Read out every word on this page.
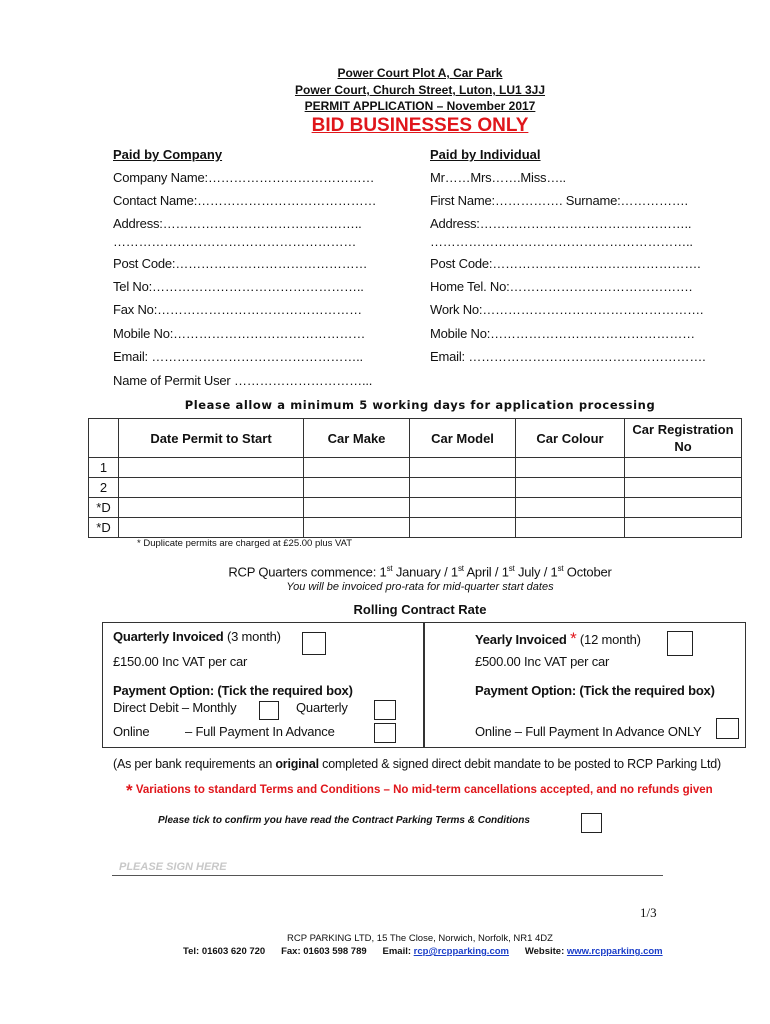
Power Court Plot A, Car Park
Power Court, Church Street, Luton, LU1 3JJ
PERMIT APPLICATION – November 2017
BID BUSINESSES ONLY
Paid by Company
Company Name:…………………………………
Contact Name:……………………………………
Address:………………………………………..
…………………………………………………
Post Code:………………………………………
Tel No:…………………………………………..
Fax No:…………………………………………
Mobile No:………………………………………
Email: …………………………………………..
Name of Permit User …………………………...
Paid by Individual
Mr……Mrs…….Miss…..
First Name:……………. Surname:…………….
Address:…………………………………………..
……………………………………………………..
Post Code:………………………………………….
Home Tel. No:…………………………………….
Work No:…………………………………………….
Mobile No:…………………………………………
Email: ………………………….…………………….
Please allow a minimum 5 working days for application processing
	Date Permit to Start	Car Make	Car Model	Car Colour	Car Registration No
1					
2					
*D					
*D					
* Duplicate permits are charged at £25.00 plus VAT
RCP Quarters commence: 1st January / 1st April / 1st July / 1st October
You will be invoiced pro-rata for mid-quarter start dates
Rolling Contract Rate
Quarterly Invoiced (3 month)
£150.00 Inc VAT per car
Payment Option: (Tick the required box)
Direct Debit – Monthly	Quarterly
Online	– Full Payment In Advance
Yearly Invoiced * (12 month)
£500.00 Inc VAT per car
Payment Option: (Tick the required box)
Online – Full Payment In Advance ONLY
(As per bank requirements an original completed & signed direct debit mandate to be posted to RCP Parking Ltd)
* Variations to standard Terms and Conditions – No mid-term cancellations accepted, and no refunds given
Please tick to confirm you have read the Contract Parking Terms & Conditions
PLEASE SIGN HERE
1/3
RCP PARKING LTD, 15 The Close, Norwich, Norfolk, NR1 4DZ
Tel: 01603 620 720 Fax: 01603 598 789 Email: rcp@rcpparking.com Website: www.rcpparking.com
